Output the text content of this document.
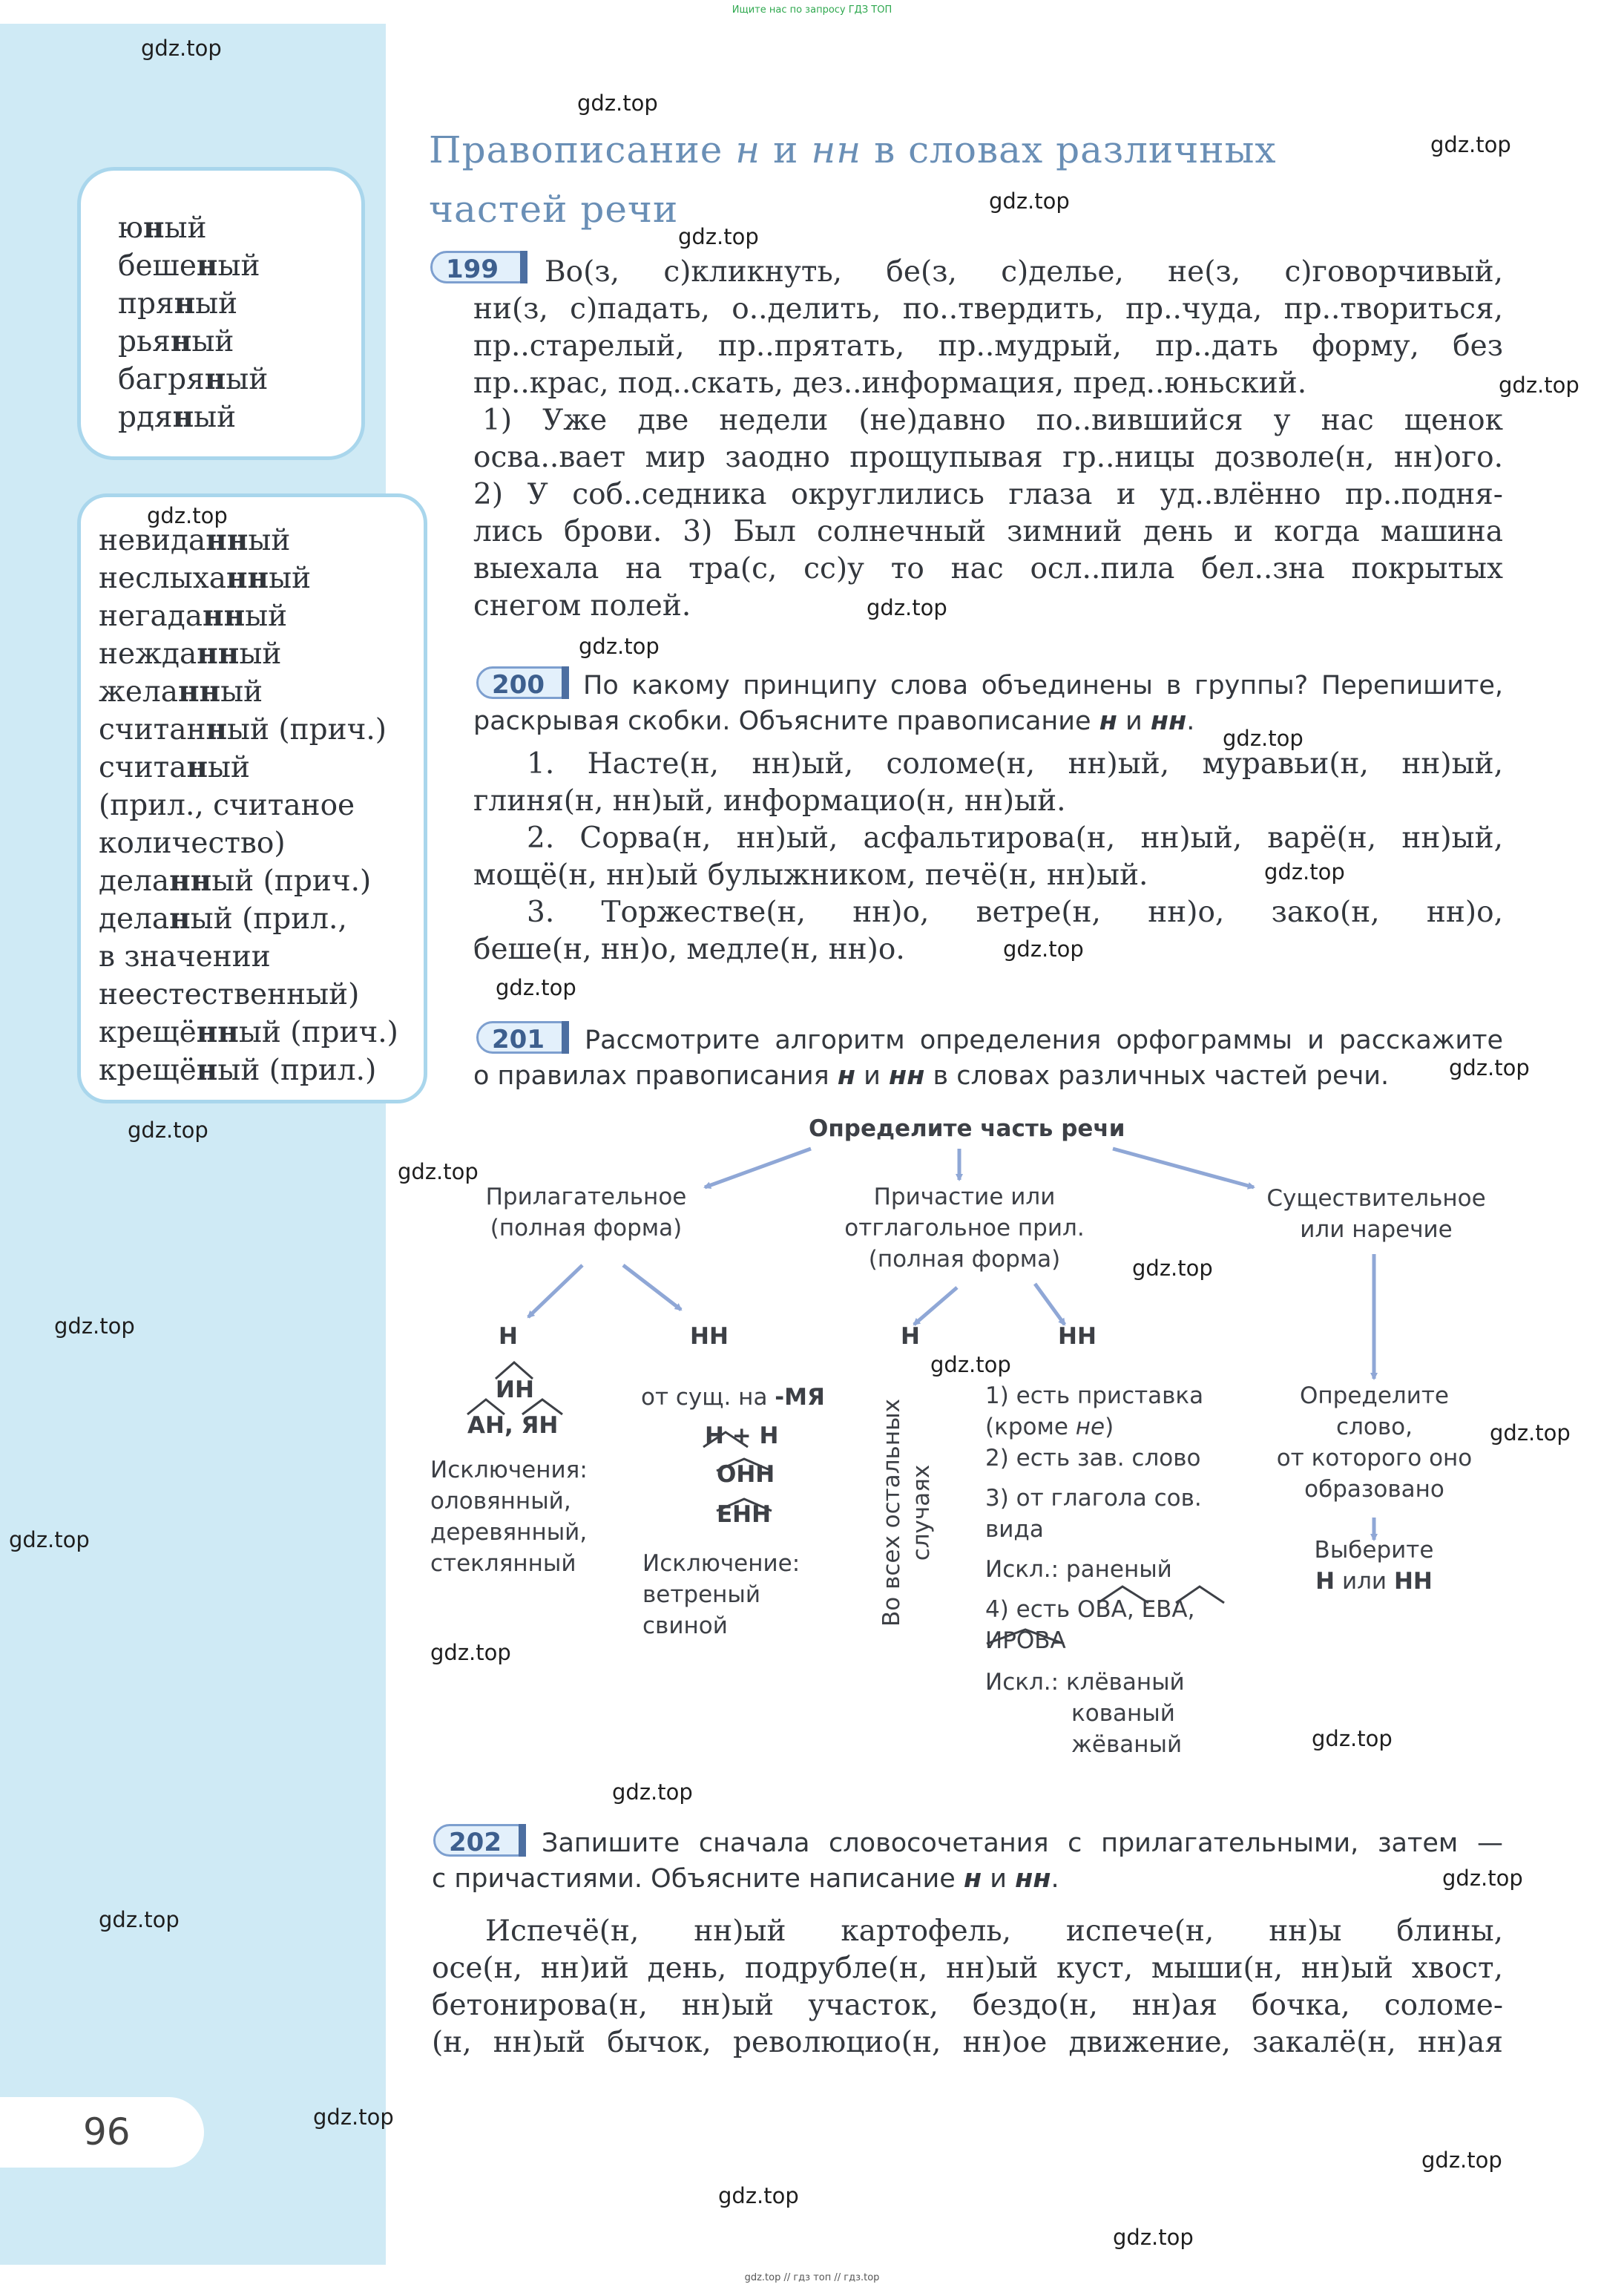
Ищите нас по запросу ГДЗ ТОП
Правописание н и нн в словах различных
частей речи
юный
бешеный
пряный
рьяный
багряный
рдяный
невиданный
неслыханный
негаданный
нежданный
желанный
считанный (прич.)
считаный
(прил., считаное
количество)
деланный (прич.)
деланый (прил.,
в значении
неестественный)
крещённый (прич.)
крещёный (прил.)
199	Во(з, с)кликнуть, бе(з, с)делье, не(з, с)говорчивый,
ни(з, с)падать, о..делить, по..твердить, пр..чуда, пр..твориться,
пр..старелый, пр..прятать, пр..мудрый, пр..дать форму, без
пр..крас, под..скать, дез..информация, пред..юньский.
1) Уже две недели (не)давно по..вившийся у нас щенок
осва..вает мир заодно прощупывая гр..ницы дозволе(н, нн)ого.
2) У соб..седника округлились глаза и уд..влённо пр..подня-
лись брови. 3) Был солнечный зимний день и когда машина
выехала на тра(с, сс)у то нас осл..пила бел..зна покрытых
снегом полей.
200	По какому принципу слова объединены в группы? Перепишите,
раскрывая скобки. Объясните правописание н и нн.
1. Насте(н, нн)ый, соломе(н, нн)ый, муравьи(н, нн)ый,
глиня(н, нн)ый, информацио(н, нн)ый.
2. Сорва(н, нн)ый, асфальтирова(н, нн)ый, варё(н, нн)ый,
мощё(н, нн)ый булыжником, печё(н, нн)ый.
3. Торжестве(н, нн)о, ветре(н, нн)о, зако(н, нн)о,
беше(н, нн)о, медле(н, нн)о.
201	Рассмотрите алгоритм определения орфограммы и расскажите
о правилах правописания н и нн в словах различных частей речи.
Определите часть речи
Прилагательное
(полная форма)
Причастие или
отглагольное прил.
(полная форма)
Существительное
или наречие
Н	НН
ИН
АН, ЯН
Исключения:
оловянный,
деревянный,
стеклянный
от сущ. на -МЯ
Н + Н
ОНН
ЕНН
Исключение:
ветреный
свиной
Н	НН
Во всех остальных случаях
1) есть приставка
(кроме не)
2) есть зав. слово
3) от глагола сов.
вида
Искл.: раненый
4) есть ОВА, ЕВА,
ИРОВА
Искл.: клёваный
кованый
жёваный
Определите
слово,
от которого оно
образовано
Выберите
Н или НН
202	Запишите сначала словосочетания с прилагательными, затем —
с причастиями. Объясните написание н и нн.
Испечё(н, нн)ый картофель, испече(н, нн)ы блины,
осе(н, нн)ий день, подрубле(н, нн)ый куст, мыши(н, нн)ый хвост,
бетонирова(н, нн)ый участок, бездо(н, нн)ая бочка, соломе-
(н, нн)ый бычок, революцио(н, нн)ое движение, закалё(н, нн)ая
96
gdz.top // гдз топ // гдз.top
gdz.top
gdz.top
gdz.top
gdz.top
gdz.top
gdz.top
gdz.top
gdz.top
gdz.top
gdz.top
gdz.top
gdz.top
gdz.top
gdz.top
gdz.top
gdz.top
gdz.top
gdz.top
gdz.top
gdz.top
gdz.top
gdz.top
gdz.top
gdz.top
gdz.top
gdz.top
gdz.top
gdz.top
gdz.top
gdz.top
